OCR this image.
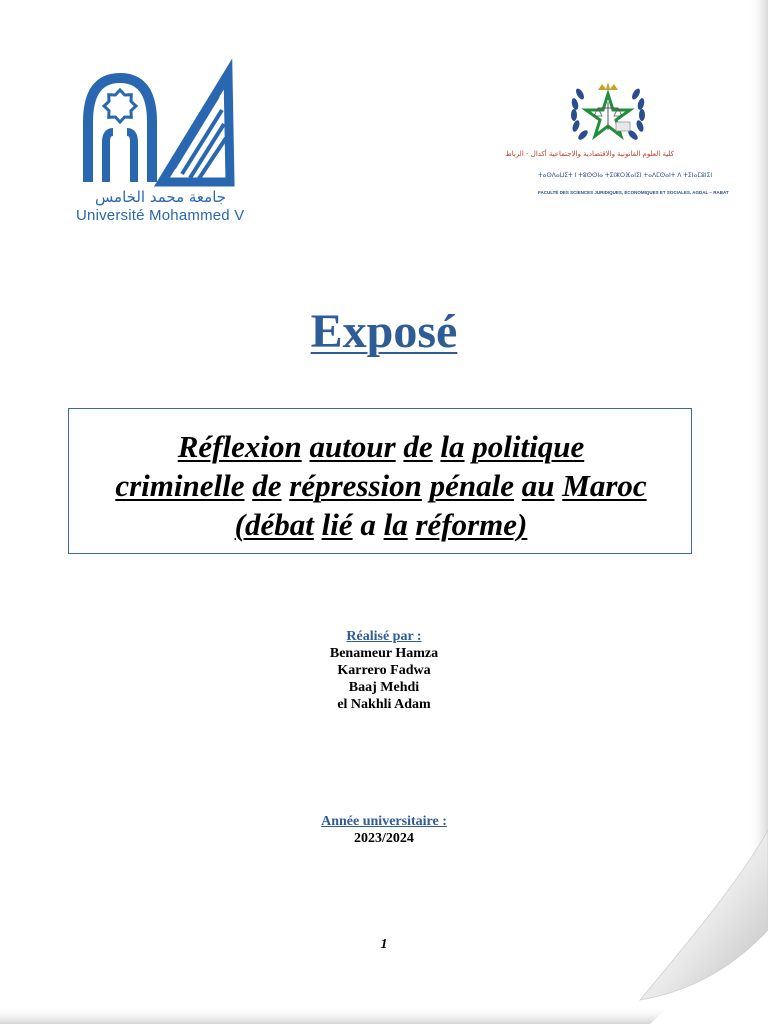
جامعة محمد الخامس
Université Mohammed V
كلية العلوم القانونية والاقتصادية والاجتماعية أكدال - الرباط
ⵜⴰⵙⴷⴰⵡⵉⵜ ⵏ ⵜⵓⵙⵙⵏⴰ ⵜⵉⵏⵣⵔⴼⴰⵏⵉⵏ ⵜⴰⴷⵎⵙⴰⵏⵜ ⴷ ⵜⵉⵏⴰⵎⵓⵏⵉⵏ
FACULTÉ DES SCIENCES JURIDIQUES, ÉCONOMIQUES ET SOCIALES, AGDAL – RABAT
Exposé
Réflexion autour de la politique
criminelle de répression pénale au Maroc
(débat lié a la réforme)
Réalisé par :
Benameur Hamza
Karrero Fadwa
Baaj Mehdi
el Nakhli Adam
Année universitaire :
2023/2024
1
